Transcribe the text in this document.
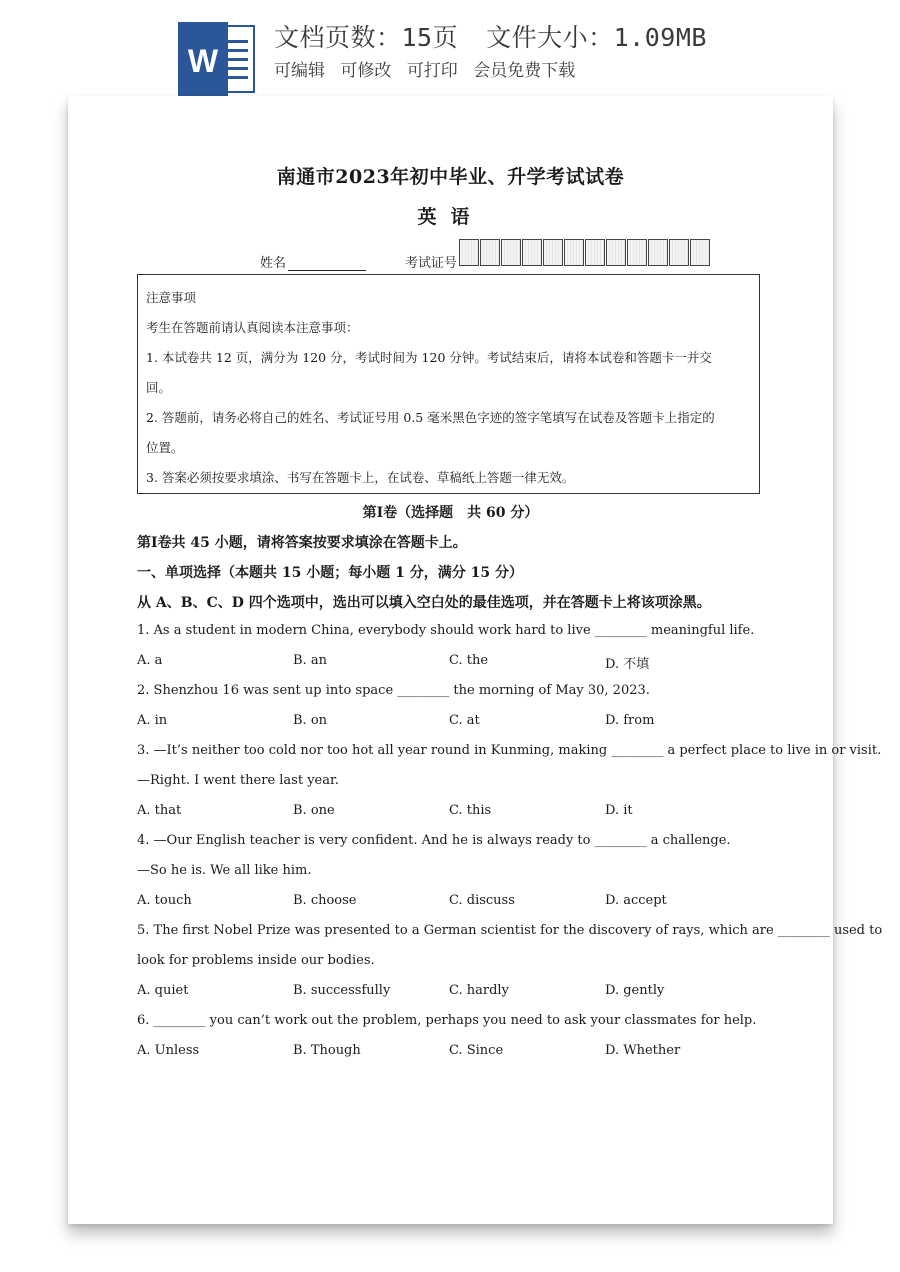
W
文档页数：15页 文件大小：1.09MB
可编辑 可修改 可打印 会员免费下载
南通市2023年初中毕业、升学考试试卷
英语
姓名	考试证号

注意事项

考生在答题前请认真阅读本注意事项：

1. 本试卷共 12 页，满分为 120 分，考试时间为 120 分钟。考试结束后，请将本试卷和答题卡一并交

回。

2. 答题前，请务必将自己的姓名、考试证号用 0.5 毫米黑色字迹的签字笔填写在试卷及答题卡上指定的

位置。

3. 答案必须按要求填涂、书写在答题卡上，在试卷、草稿纸上答题一律无效。

第Ⅰ卷（选择题　共 60 分）
第Ⅰ卷共 45 小题，请将答案按要求填涂在答题卡上。
一、单项选择（本题共 15 小题；每小题 1 分，满分 15 分）
从 A、B、C、D 四个选项中，选出可以填入空白处的最佳选项，并在答题卡上将该项涂黑。
1. As a student in modern China, everybody should work hard to live ________ meaningful life.
A. a	B. an	C. the	D. 不填
2. Shenzhou 16 was sent up into space ________ the morning of May 30, 2023.
A. in	B. on	C. at	D. from
3. —It’s neither too cold nor too hot all year round in Kunming, making ________ a perfect place to live in or visit.
—Right. I went there last year.
A. that	B. one	C. this	D. it
4. —Our English teacher is very confident. And he is always ready to ________ a challenge.
—So he is. We all like him.
A. touch	B. choose	C. discuss	D. accept
5. The first Nobel Prize was presented to a German scientist for the discovery of rays, which are ________ used to
look for problems inside our bodies.
A. quiet	B. successfully	C. hardly	D. gently
6. ________ you can’t work out the problem, perhaps you need to ask your classmates for help.
A. Unless	B. Though	C. Since	D. Whether
